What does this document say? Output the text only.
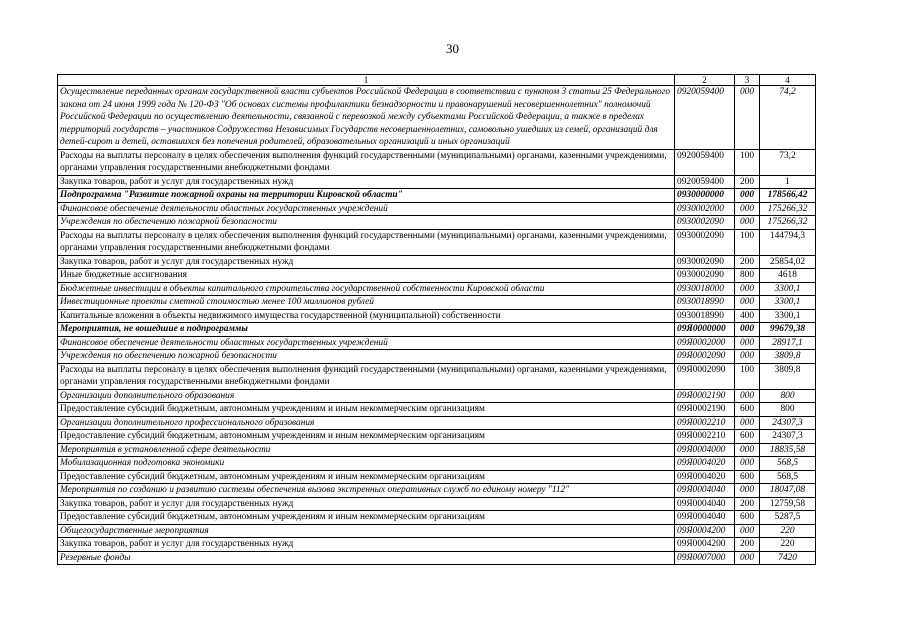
30
1	2	3	4
Осуществление переданных органам государственной власти субъектов Российской Федерации в соответствии с пунктом 3 статьи 25 Федерального закона от 24 июня 1999 года № 120-ФЗ "Об основах системы профилактики безнадзорности и правонарушений несовершеннолетних" полномочий Российской Федерации по осуществлению деятельности, связанной с перевозкой между субъектами Российской Федерации, а также в пределах территорий государств – участников Содружества Независимых Государств несовершеннолетних, самовольно ушедших из семей, организаций для детей-сирот и детей, оставшихся без попечения родителей, образовательных организаций и иных организаций	0920059400	000	74,2
Расходы на выплаты персоналу в целях обеспечения выполнения функций государственными (муниципальными) органами, казенными учреждениями, органами управления государственными внебюджетными фондами	0920059400	100	73,2
Закупка товаров, работ и услуг для государственных нужд	0920059400	200	1
Подпрограмма "Развитие пожарной охраны на территории Кировской области"	0930000000	000	178566,42
Финансовое обеспечение деятельности областных государственных учреждений	0930002000	000	175266,32
Учреждения по обеспечению пожарной безопасности	0930002090	000	175266,32
Расходы на выплаты персоналу в целях обеспечения выполнения функций государственными (муниципальными) органами, казенными учреждениями, органами управления государственными внебюджетными фондами	0930002090	100	144794,3
Закупка товаров, работ и услуг для государственных нужд	0930002090	200	25854,02
Иные бюджетные ассигнования	0930002090	800	4618
Бюджетные инвестиции в объекты капитального строительства государственной собственности Кировской области	0930018000	000	3300,1
Инвестиционные проекты сметной стоимостью менее 100 миллионов рублей	0930018990	000	3300,1
Капитальные вложения в объекты недвижимого имущества государственной (муниципальной) собственности	0930018990	400	3300,1
Мероприятия, не вошедшие в подпрограммы	09Я0000000	000	99679,38
Финансовое обеспечение деятельности областных государственных учреждений	09Я0002000	000	28917,1
Учреждения по обеспечению пожарной безопасности	09Я0002090	000	3809,8
Расходы на выплаты персоналу в целях обеспечения выполнения функций государственными (муниципальными) органами, казенными учреждениями, органами управления государственными внебюджетными фондами	09Я0002090	100	3809,8
Организации дополнительного образования	09Я0002190	000	800
Предоставление субсидий бюджетным, автономным учреждениям и иным некоммерческим организациям	09Я0002190	600	800
Организации дополнительного профессионального образования	09Я0002210	000	24307,3
Предоставление субсидий бюджетным, автономным учреждениям и иным некоммерческим организациям	09Я0002210	600	24307,3
Мероприятия в установленной сфере деятельности	09Я0004000	000	18835,58
Мобилизационная подготовка экономики	09Я0004020	000	568,5
Предоставление субсидий бюджетным, автономным учреждениям и иным некоммерческим организациям	09Я0004020	600	568,5
Мероприятия по созданию и развитию системы обеспечения вызова экстренных оперативных служб по единому номеру "112"	09Я0004040	000	18047,08
Закупка товаров, работ и услуг для государственных нужд	09Я0004040	200	12759,58
Предоставление субсидий бюджетным, автономным учреждениям и иным некоммерческим организациям	09Я0004040	600	5287,5
Общегосударственные мероприятия	09Я0004200	000	220
Закупка товаров, работ и услуг для государственных нужд	09Я0004200	200	220
Резервные фонды	09Я0007000	000	7420
